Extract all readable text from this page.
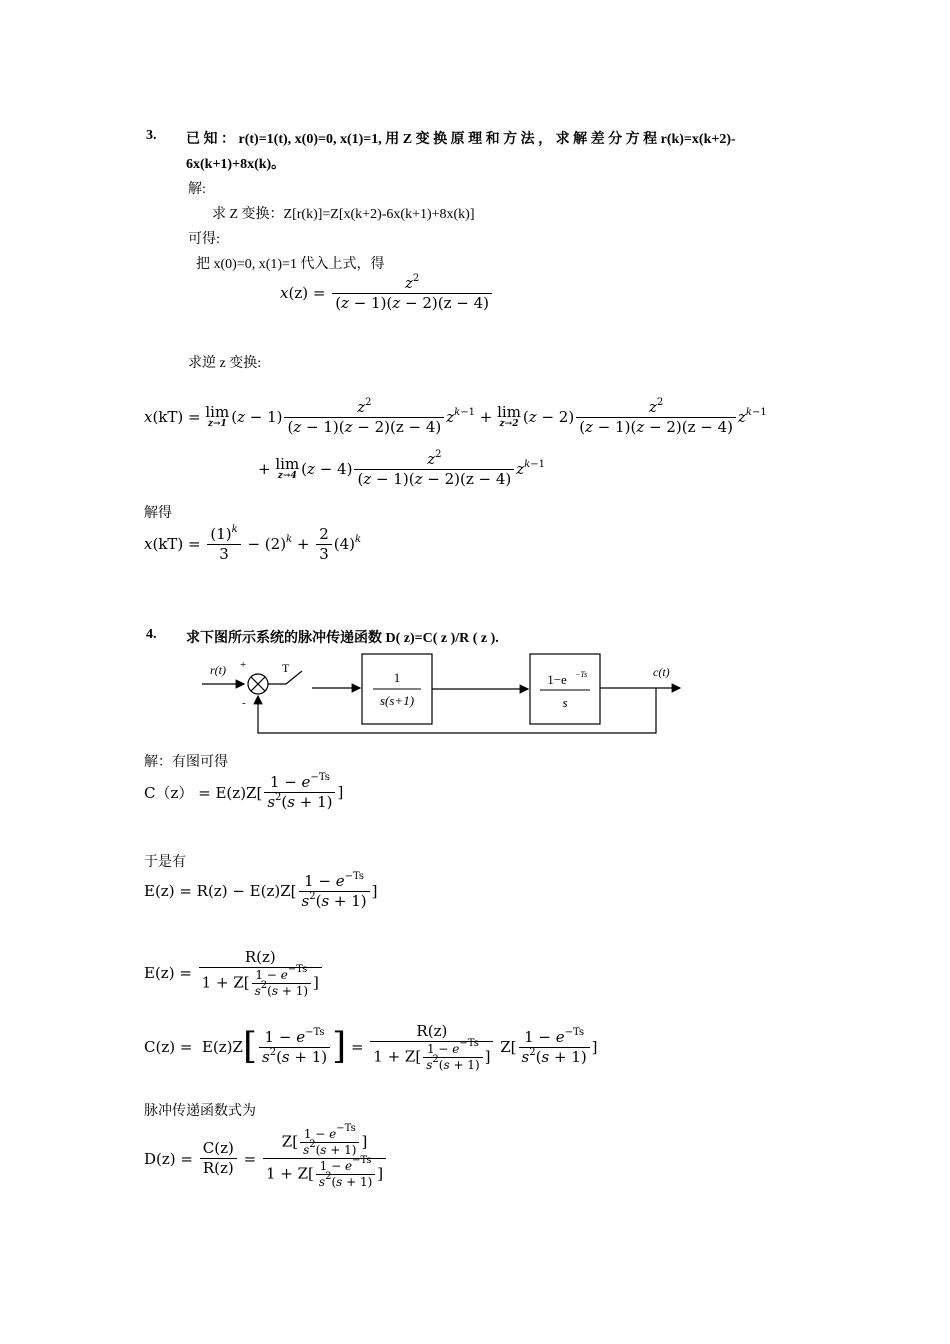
3. 已 知 ： r(t)=1(t), x(0)=0, x(1)=1, 用 Z 变 换 原 理 和 方 法 ， 求 解 差 分 方 程 r(k)=x(k+2)-
6x(k+1)+8x(k)。
解:
求 Z 变换：Z[r(k)]=Z[x(k+2)-6x(k+1)+8x(k)]
可得:
把 x(0)=0, x(1)=1 代入上式，得
$x(z) = \frac{z^2}{(z - 1)(z - 2)(z - 4)}$
求逆 z 变换:
x(kT) = lim
z→1 $(z - 1) \frac{z^2}{(z - 1)(z - 2)(z - 4)} z^{k-1} + \lim$
z→2 $(z - 2) \frac{z^2}{(z - 1)(z - 2)(z - 4)} z^{k-1}$
+ lim
z→4 $(z - 4) \frac{z^2}{(z - 1)(z - 2)(z - 4)} z^{k-1}$
解得
$x(kT) = \frac{(1)^k}{3} - (2)^k + \frac{2}{3} (4)^k$
4. 求下图所示系统的脉冲传递函数 D( z)=C( z )/R ( z ).
r(t) +
-
T
1
s(s+1)
1−e −Ts
s
c(t)
解：有图可得
$C(z) = E(z)Z[ \frac{1 - e^{-Ts}}{s^2(s + 1)}$ ]
于是有
$E(z) = R(z) - E(z)Z[ \frac{1 - e^{-Ts}}{s^2(s + 1)}$ ]
$E(z) = \frac{R(z)}{1 + Z[ \frac{1 - e^{-Ts}}{s^2(s + 1)} ]}$
C(z) =  E(z)Z [ $\frac{1 - e^{-Ts}}{s^2(s + 1)}$ ] = $\frac{R(z)}{1 + Z[ \frac{1 - e^{-Ts}}{s^2(s + 1)} ]} Z[ \frac{1 - e^{-Ts}}{s^2(s + 1)}$ ]
脉冲传递函数式为
$D(z) = \frac{C(z)}{R(z)} = \frac{Z[ \frac{1 - e^{-Ts}}{s^2(s + 1)} ]}{1 + Z[ \frac{1 - e^{-Ts}}{s^2(s + 1)} ]}$
